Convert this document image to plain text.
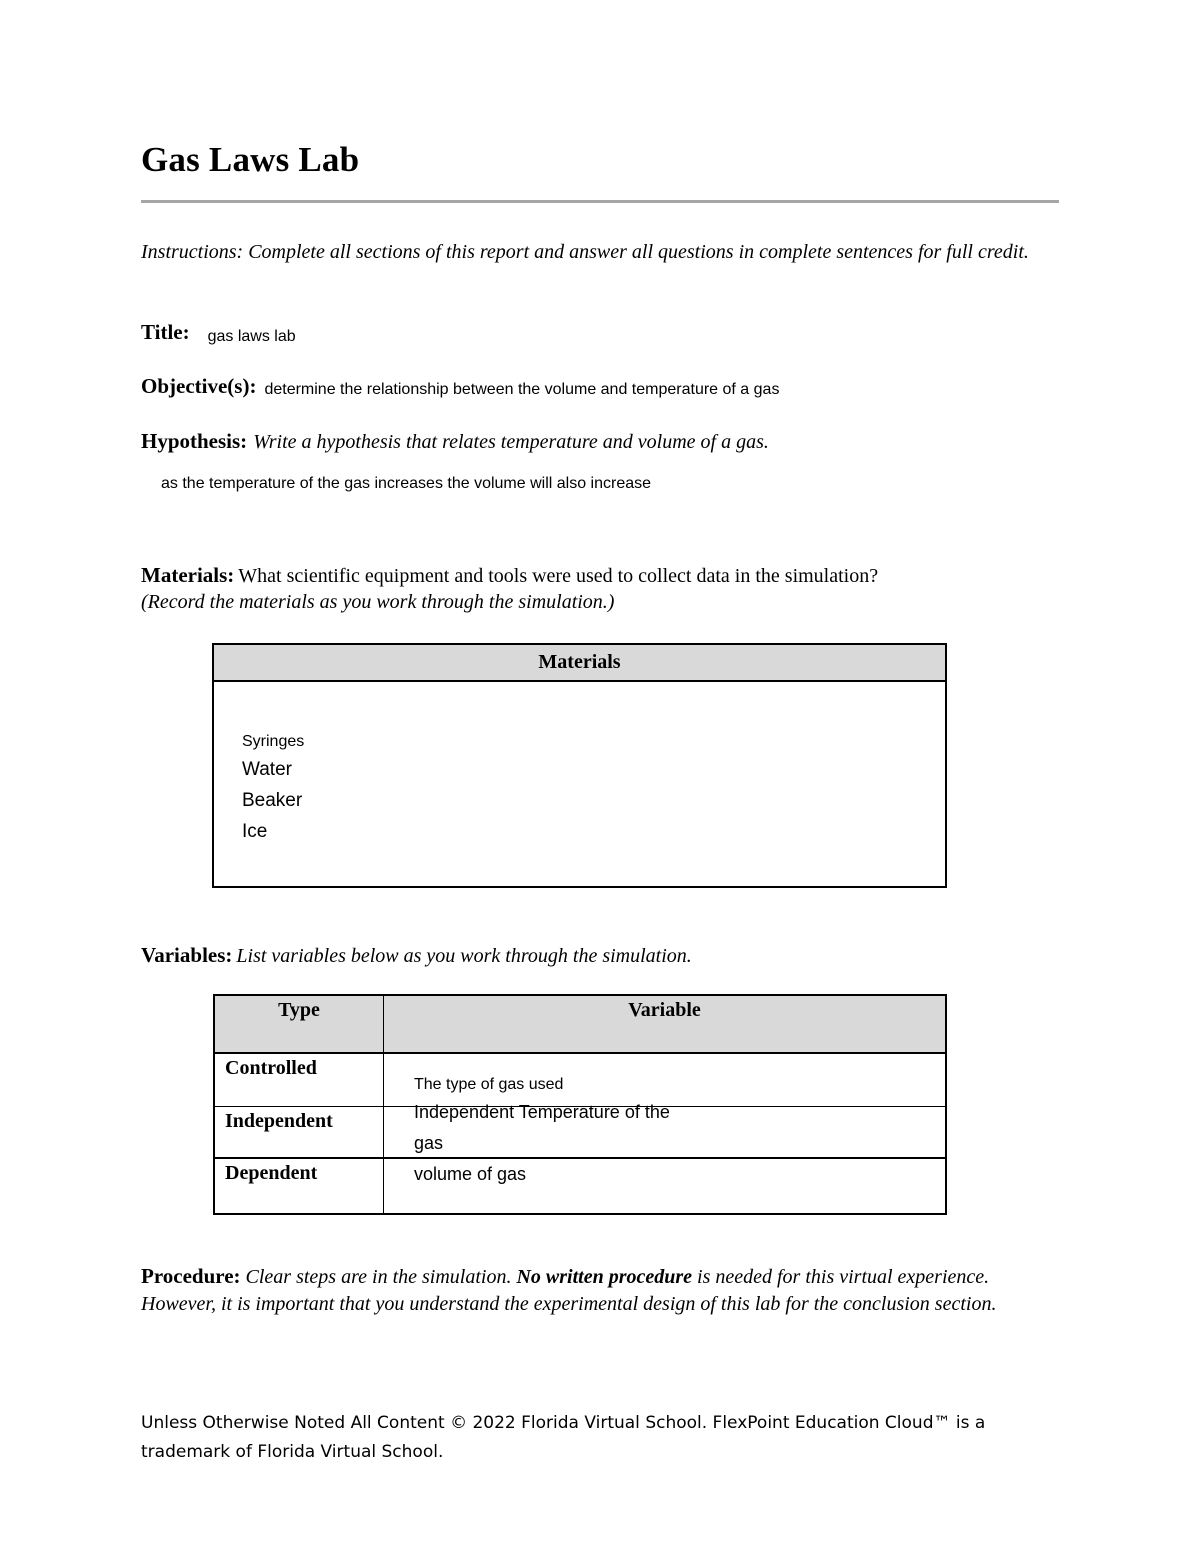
Gas Laws Lab
Instructions: Complete all sections of this report and answer all questions in complete sentences for full credit.
Title: gas laws lab
Objective(s): determine the relationship between the volume and temperature of a gas
Hypothesis: Write a hypothesis that relates temperature and volume of a gas.
as the temperature of the gas increases the volume will also increase
Materials: What scientific equipment and tools were used to collect data in the simulation?
(Record the materials as you work through the simulation.)
Materials

Syringes
Water
Beaker
Ice
Variables: List variables below as you work through the simulation.
Type	Variable
Controlled	The type of gas used

Independent	Independent Temperature of the
gas

Dependent	volume of gas
Procedure: Clear steps are in the simulation. No written procedure is needed for this virtual experience. However, it is important that you understand the experimental design of this lab for the conclusion section.
Unless Otherwise Noted All Content © 2022 Florida Virtual School. FlexPoint Education Cloud™ is a trademark of Florida Virtual School.
